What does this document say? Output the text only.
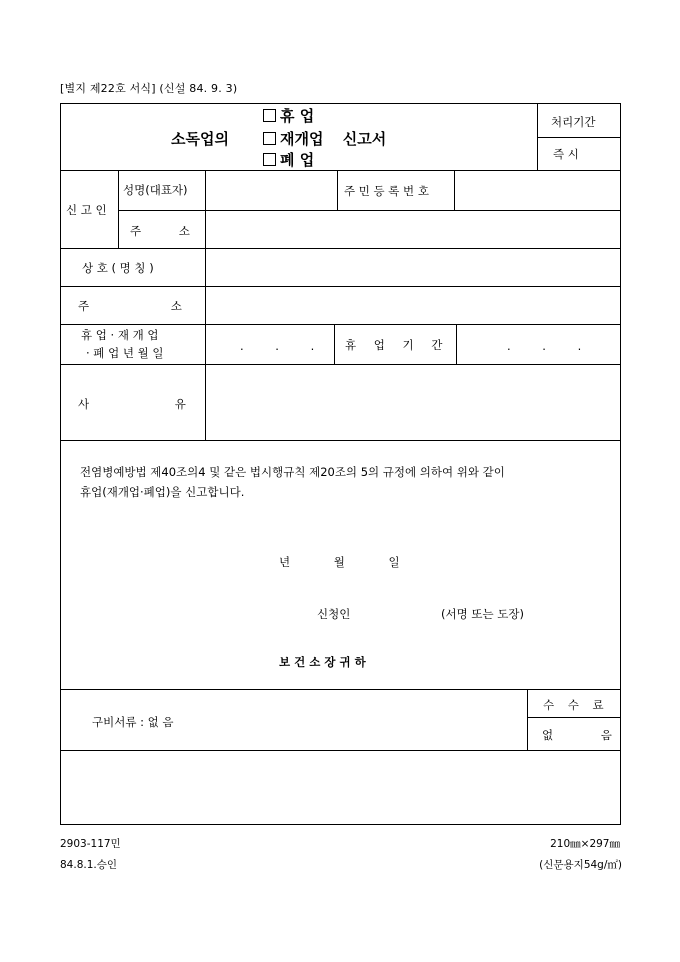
[별지 제22호 서식] (신설 84. 9. 3)
소독업의
휴 업
재개업 신고서
폐 업
처리기간
즉 시
신 고 인
성명(대표자)	주 민 등 록 번 호
주 소
상 호 ( 명 칭 )
주 소
휴 업 · 재 개 업
· 폐 업 년 월 일	. . .	휴 업 기 간	. . .
사 유
전염병예방법 제40조의4 및 같은 법시행규칙 제20조의 5의 규정에 의하여 위와 같이
휴업(재개업·폐업)을 신고합니다.
년 월 일
신청인	(서명 또는 도장)
보 건 소 장 귀 하
구비서류 : 없 음
수 수 료
없 음
2903-117민
84.8.1.승인
210㎜×297㎜
(신문용지54g/㎡)
